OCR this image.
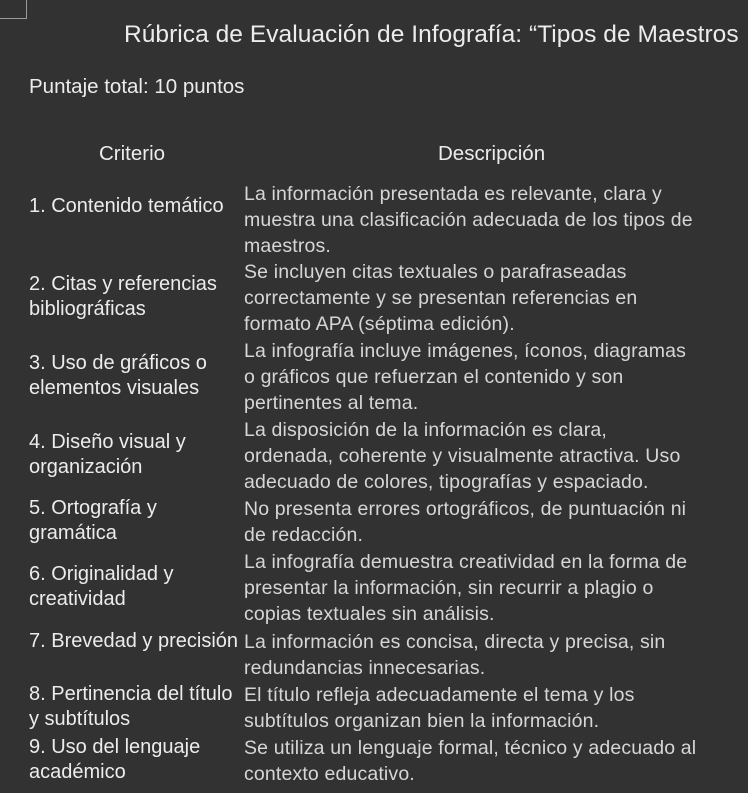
Rúbrica de Evaluación de Infografía: “Tipos de Maestros
Puntaje total: 10 puntos
Criterio	Descripción
1. Contenido temático
La información presentada es relevante, clara y
muestra una clasificación adecuada de los tipos de
maestros.
2. Citas y referencias bibliográficas
Se incluyen citas textuales o parafraseadas
correctamente y se presentan referencias en
formato APA (séptima edición).
3. Uso de gráficos o elementos visuales
La infografía incluye imágenes, íconos, diagramas
o gráficos que refuerzan el contenido y son
pertinentes al tema.
4. Diseño visual y organización
La disposición de la información es clara,
ordenada, coherente y visualmente atractiva. Uso
adecuado de colores, tipografías y espaciado.
5. Ortografía y gramática
No presenta errores ortográficos, de puntuación ni
de redacción.
6. Originalidad y creatividad
La infografía demuestra creatividad en la forma de
presentar la información, sin recurrir a plagio o
copias textuales sin análisis.
7. Brevedad y precisión La información es concisa, directa y precisa, sin
redundancias innecesarias.
8. Pertinencia del título y subtítulos
El título refleja adecuadamente el tema y los
subtítulos organizan bien la información.
9. Uso del lenguaje académico
Se utiliza un lenguaje formal, técnico y adecuado al
contexto educativo.
